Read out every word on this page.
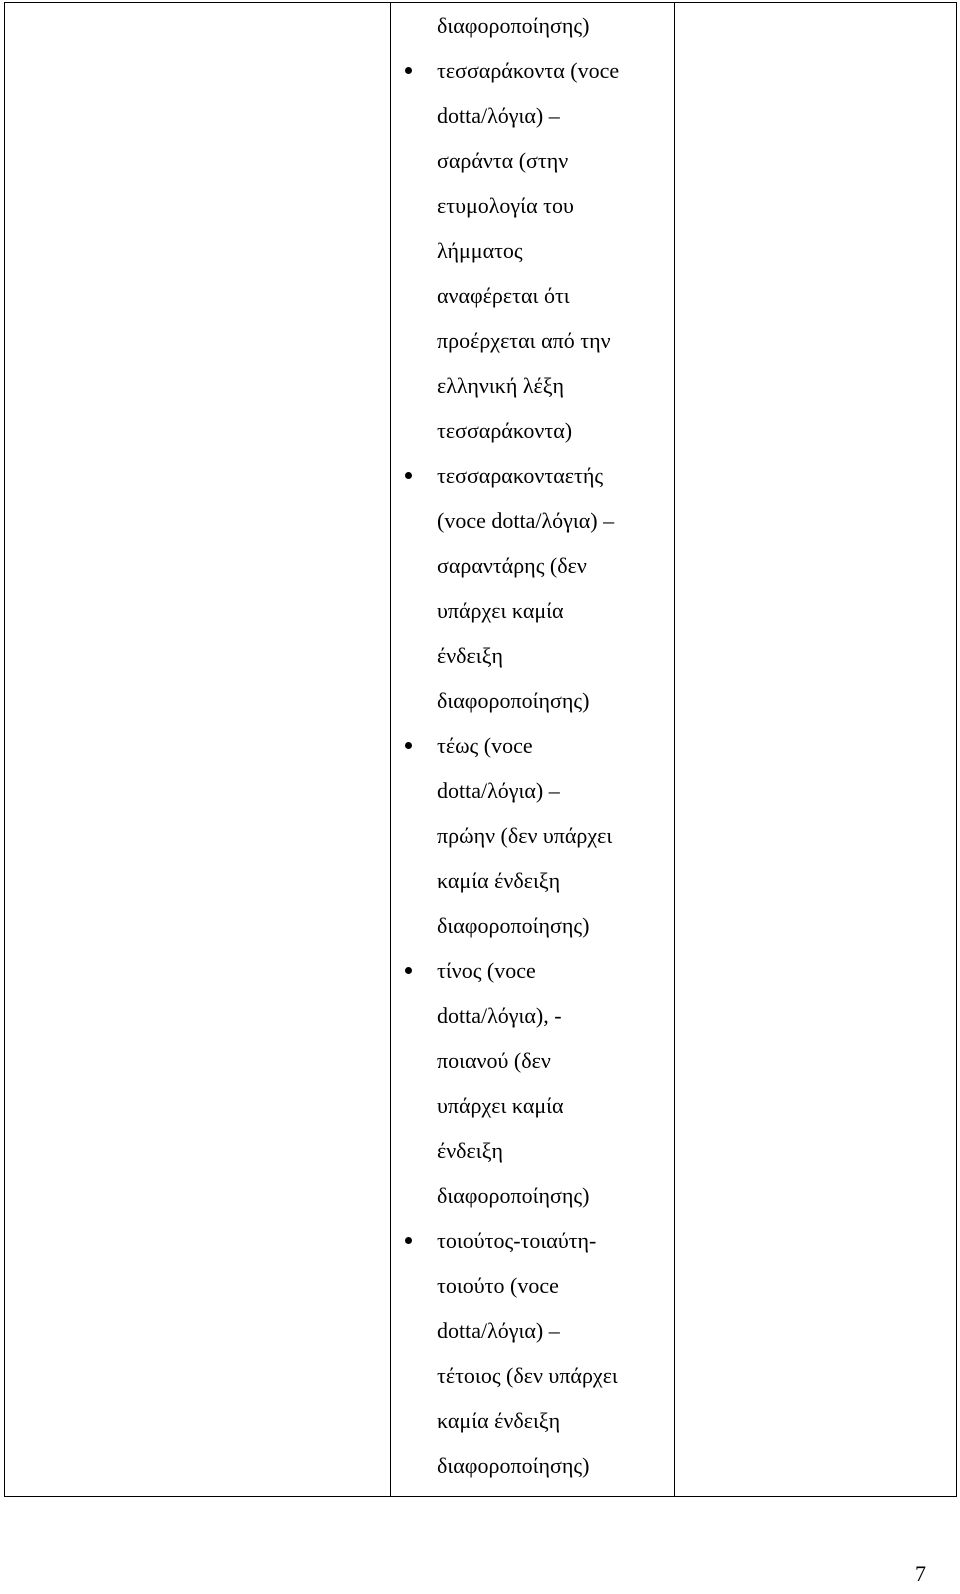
διαφοροποίησης)
τεσσαράκοντα (voce
dotta/λόγια) –
σαράντα (στην
ετυμολογία του
λήμματος
αναφέρεται ότι
προέρχεται από την
ελληνική λέξη
τεσσαράκοντα)
τεσσαρακονταετής
(voce dotta/λόγια) –
σαραντάρης (δεν
υπάρχει καμία
ένδειξη
διαφοροποίησης)
τέως (voce
dotta/λόγια) –
πρώην (δεν υπάρχει
καμία ένδειξη
διαφοροποίησης)
τίνος (voce
dotta/λόγια), -
ποιανού (δεν
υπάρχει καμία
ένδειξη
διαφοροποίησης)
τοιούτος-τοιαύτη-
τοιούτο (voce
dotta/λόγια) –
τέτοιος (δεν υπάρχει
καμία ένδειξη
διαφοροποίησης)

7
